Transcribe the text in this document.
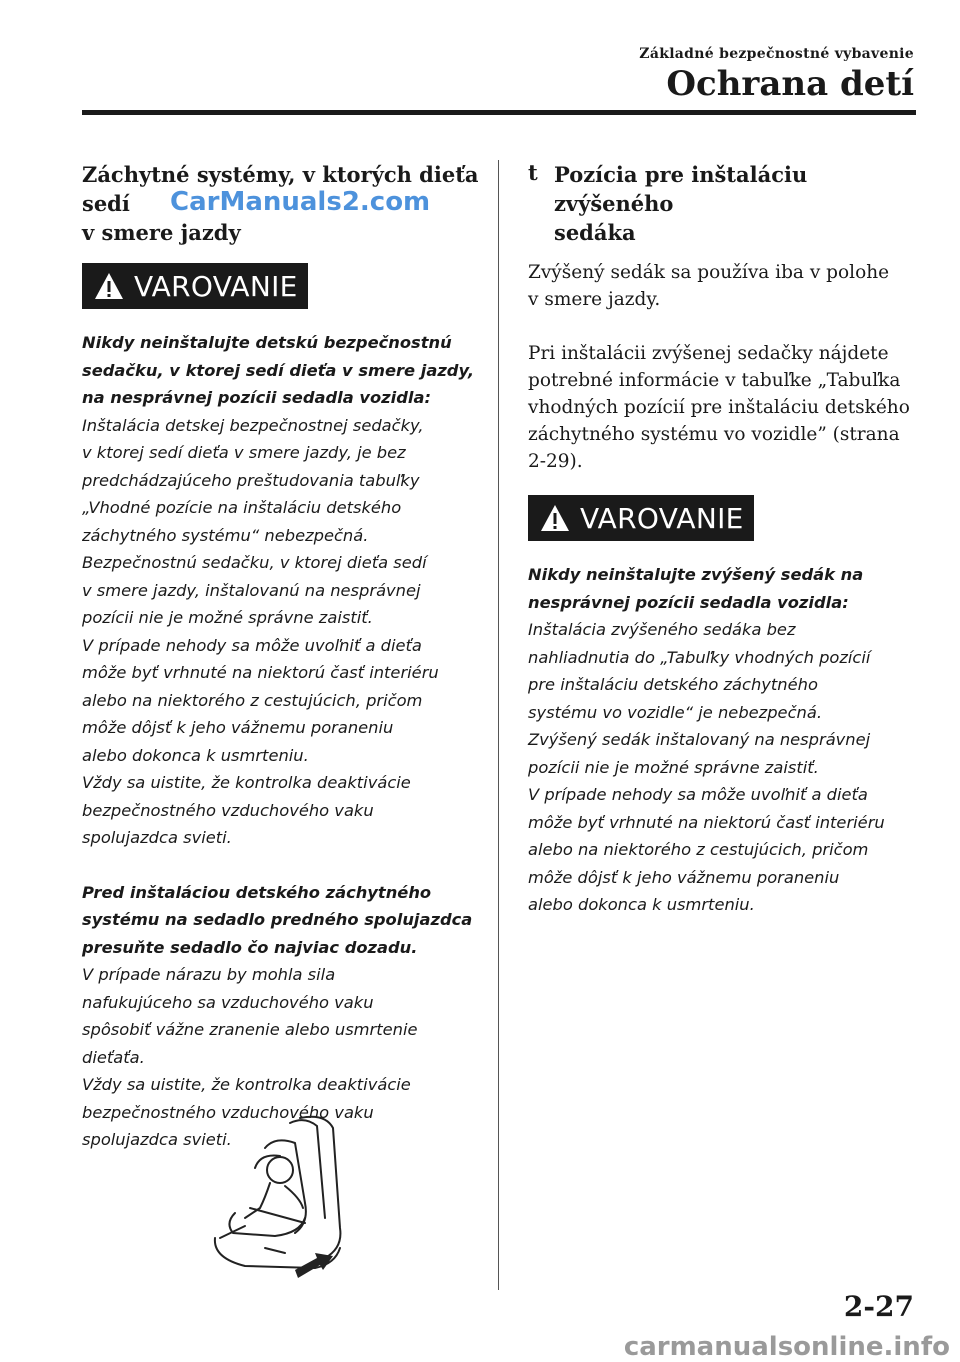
Základné bezpečnostné vybavenie
Ochrana detí
Záchytné systémy, v ktorých dieťa sedí
v smere jazdy
VAROVANIE

Nikdy neinštalujte detskú bezpečnostnú
sedačku, v ktorej sedí dieťa v smere jazdy,
na nesprávnej pozícii sedadla vozidla:
Inštalácia detskej bezpečnostnej sedačky,
v ktorej sedí dieťa v smere jazdy, je bez
predchádzajúceho preštudovania tabuľky
„Vhodné pozície na inštaláciu detského
záchytného systému“ nebezpečná.
Bezpečnostnú sedačku, v ktorej dieťa sedí
v smere jazdy, inštalovanú na nesprávnej
pozícii nie je možné správne zaistiť.
V prípade nehody sa môže uvoľniť a dieťa
môže byť vrhnuté na niektorú časť interiéru
alebo na niektorého z cestujúcich, pričom
môže dôjsť k jeho vážnemu poraneniu
alebo dokonca k usmrteniu.
Vždy sa uistite, že kontrolka deaktivácie
bezpečnostného vzduchového vaku
spolujazdca svieti.

Pred inštaláciou detského záchytného
systému na sedadlo predného spolujazdca
presuňte sedadlo čo najviac dozadu.
V prípade nárazu by mohla sila
nafukujúceho sa vzduchového vaku
spôsobiť vážne zranenie alebo usmrtenie
dieťaťa.
Vždy sa uistite, že kontrolka deaktivácie
bezpečnostného vzduchového vaku
spolujazdca svieti.

CarManuals2.com
t Pozícia pre inštaláciu zvýšeného
sedáka

Zvýšený sedák sa používa iba v polohe
v smere jazdy.

Pri inštalácii zvýšenej sedačky nájdete
potrebné informácie v tabuľke „Tabuľka
vhodných pozícií pre inštaláciu detského
záchytného systému vo vozidle” (strana
2-29).

VAROVANIE

Nikdy neinštalujte zvýšený sedák na
nesprávnej pozícii sedadla vozidla:
Inštalácia zvýšeného sedáka bez
nahliadnutia do „Tabuľky vhodných pozícií
pre inštaláciu detského záchytného
systému vo vozidle“ je nebezpečná.
Zvýšený sedák inštalovaný na nesprávnej
pozícii nie je možné správne zaistiť.
V prípade nehody sa môže uvoľniť a dieťa
môže byť vrhnuté na niektorú časť interiéru
alebo na niektorého z cestujúcich, pričom
môže dôjsť k jeho vážnemu poraneniu
alebo dokonca k usmrteniu.

2-27
carmanualsonline.info
